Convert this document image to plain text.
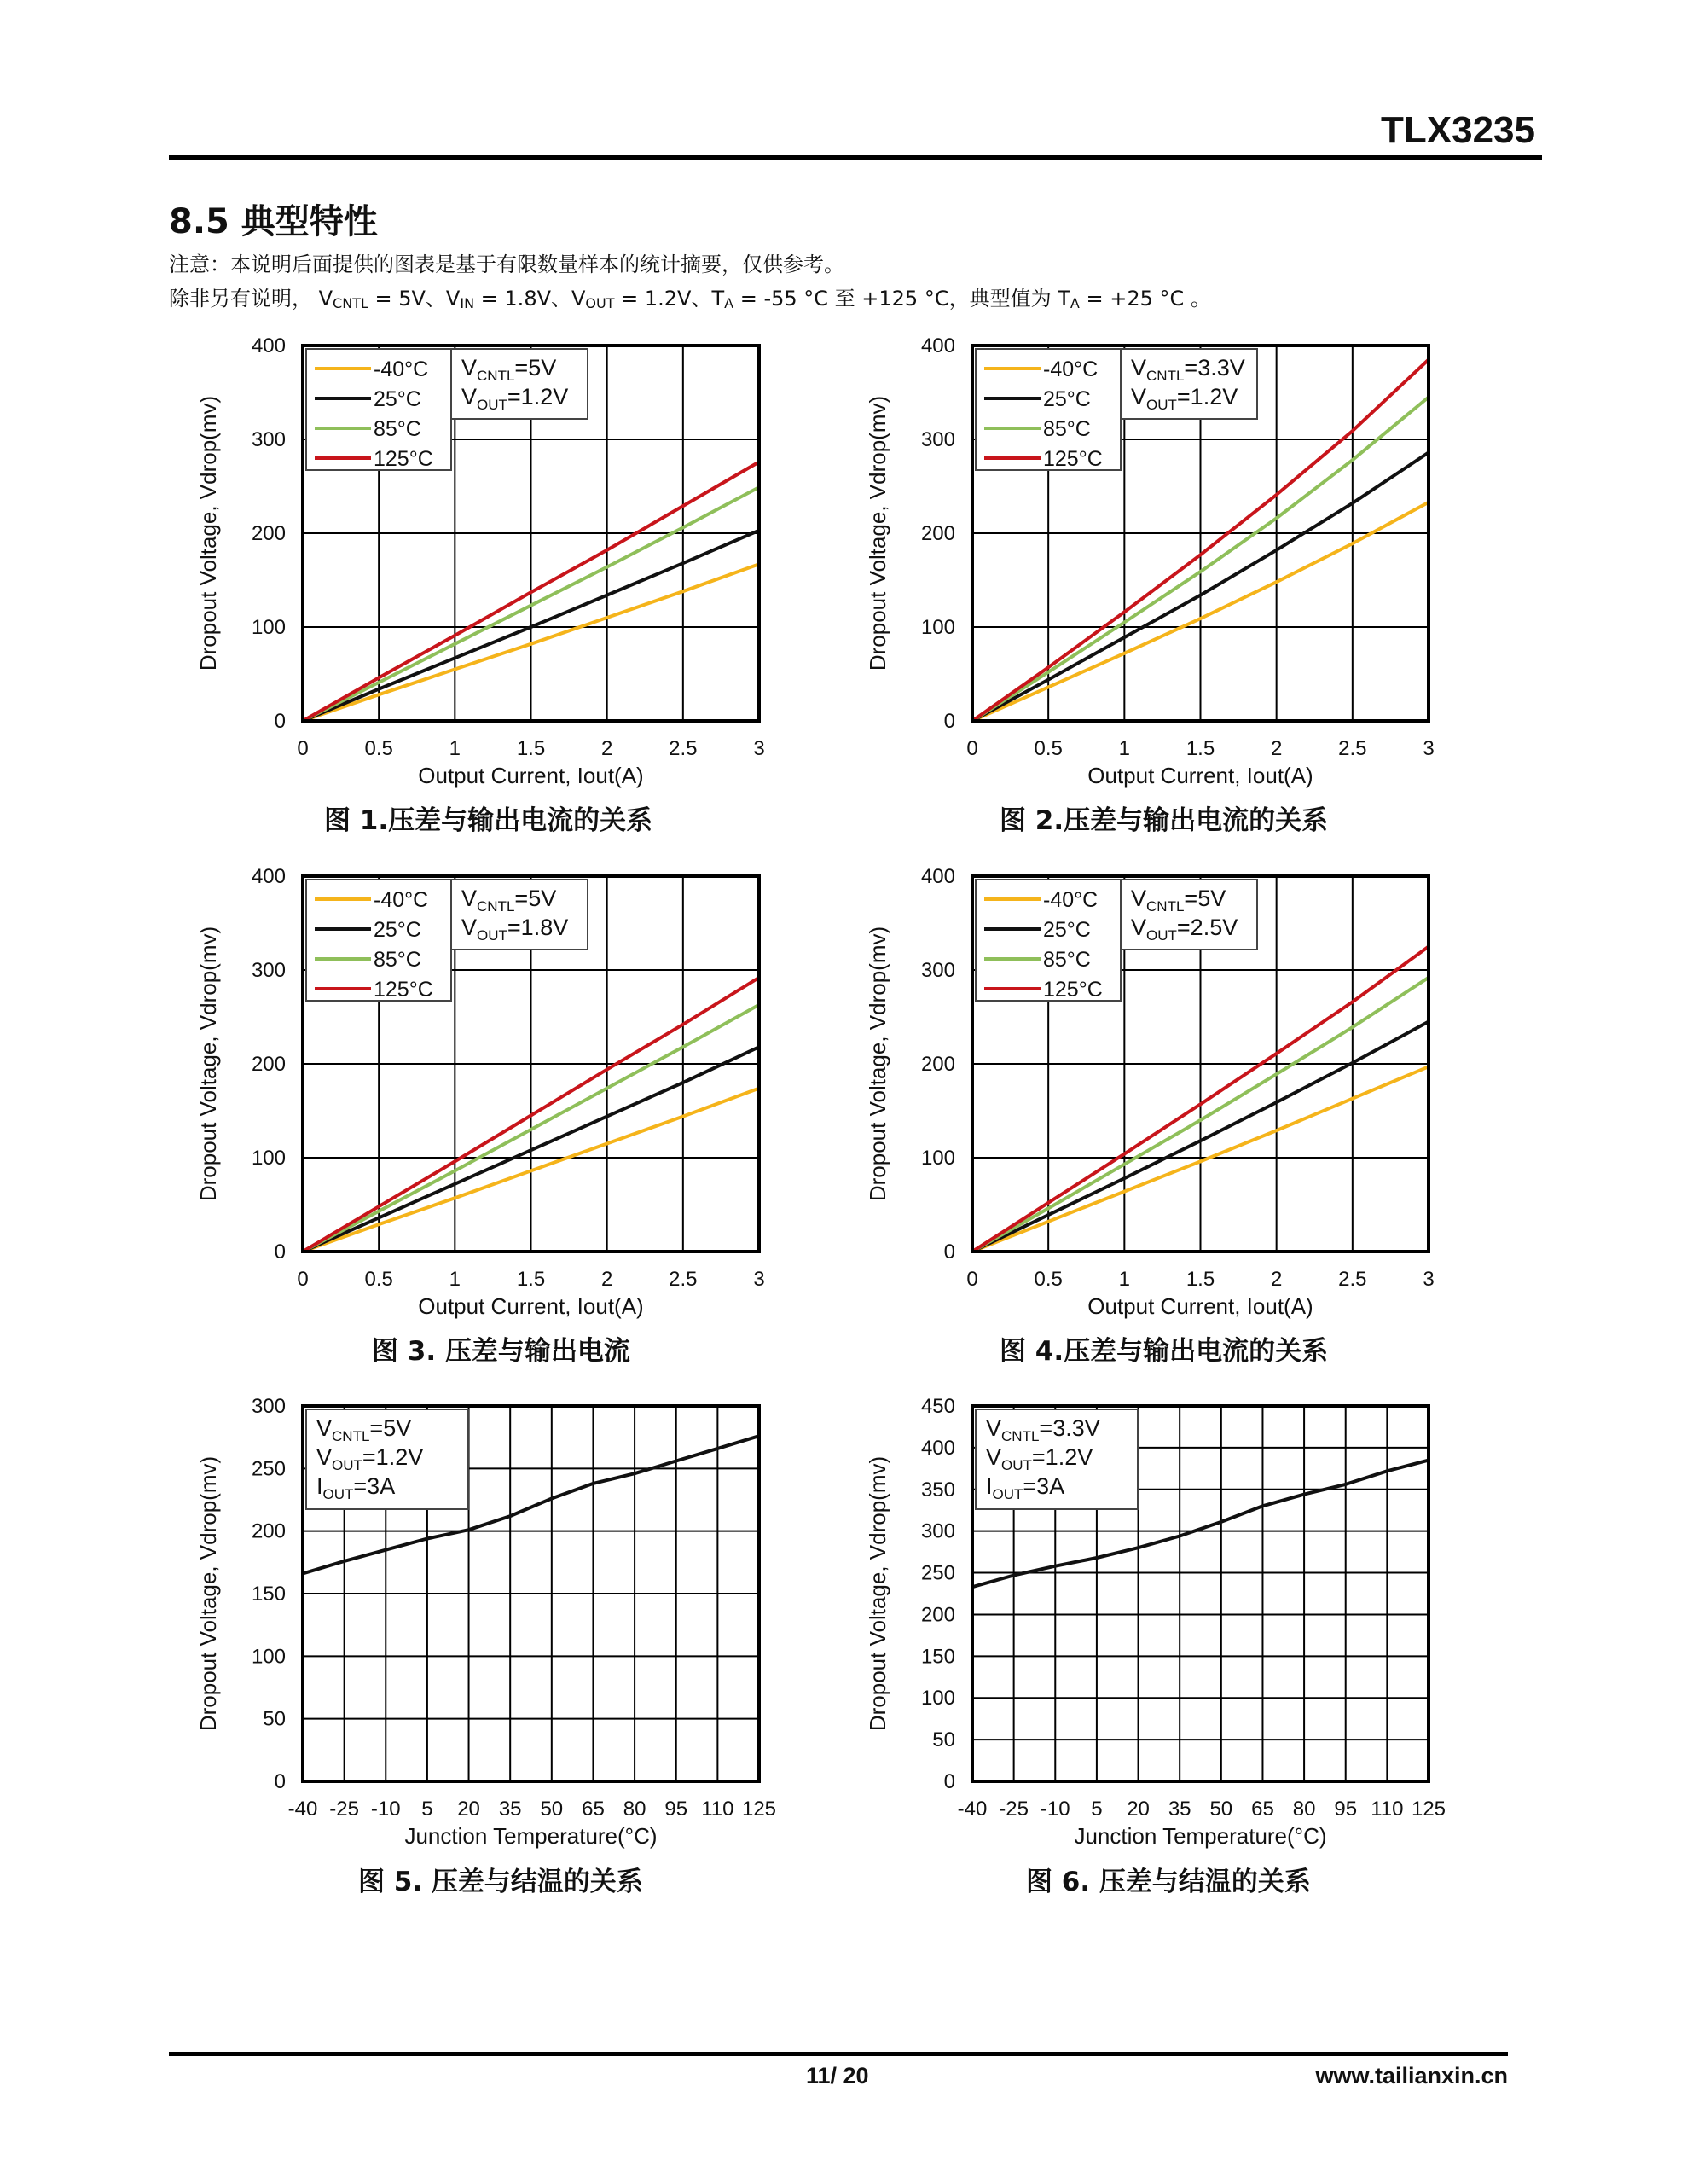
TLX3235
8.5 典型特性
注意：本说明后面提供的图表是基于有限数量样本的统计摘要，仅供参考。
除非另有说明， VCNTL = 5V、VIN = 1.8V、VOUT = 1.2V、TA = -55 °C 至 +125 °C，典型值为 TA = +25 °C 。
0	0.5	1	1.5	2	2.5	3
0
100
200
300
400
Output Current, Iout(A)
Dropout Voltage, Vdrop(mv)
-40°C
25°C
85°C
125°C
$V_{CNTL}=5V$
$V_{OUT}=1.2V$
0	0.5	1	1.5	2	2.5	3
0
100
200
300
400
Output Current, Iout(A)
Dropout Voltage, Vdrop(mv)
-40°C
25°C
85°C
125°C
$V_{CNTL}=3.3V$
$V_{OUT}=1.2V$
0	0.5	1	1.5	2	2.5	3
0
100
200
300
400
Output Current, Iout(A)
Dropout Voltage, Vdrop(mv)
-40°C
25°C
85°C
125°C
$V_{CNTL}=5V$
$V_{OUT}=1.8V$
0	0.5	1	1.5	2	2.5	3
0
100
200
300
400
Output Current, Iout(A)
Dropout Voltage, Vdrop(mv)
-40°C
25°C
85°C
125°C
$V_{CNTL}=5V$
$V_{OUT}=2.5V$
-40 -25 -10 5 20 35 50 65 80 95 110 125
0
50
100
150
200
250
300
Junction Temperature(°C)
Dropout Voltage, Vdrop(mv)
$V_{CNTL}=5V$
$V_{OUT}=1.2V$
$I_{OUT}=3A$
-40 -25 -10 5 20 35 50 65 80 95 110 125
0
50
100
150
200
250
300
350
400
450
Junction Temperature(°C)
Dropout Voltage, Vdrop(mv)
$V_{CNTL}=3.3V$
$V_{OUT}=1.2V$
$I_{OUT}=3A$
图 1.压差与输出电流的关系	图 2.压差与输出电流的关系
图 3. 压差与输出电流	图 4.压差与输出电流的关系
图 5. 压差与结温的关系	图 6. 压差与结温的关系
11/ 20	www.tailianxin.cn
